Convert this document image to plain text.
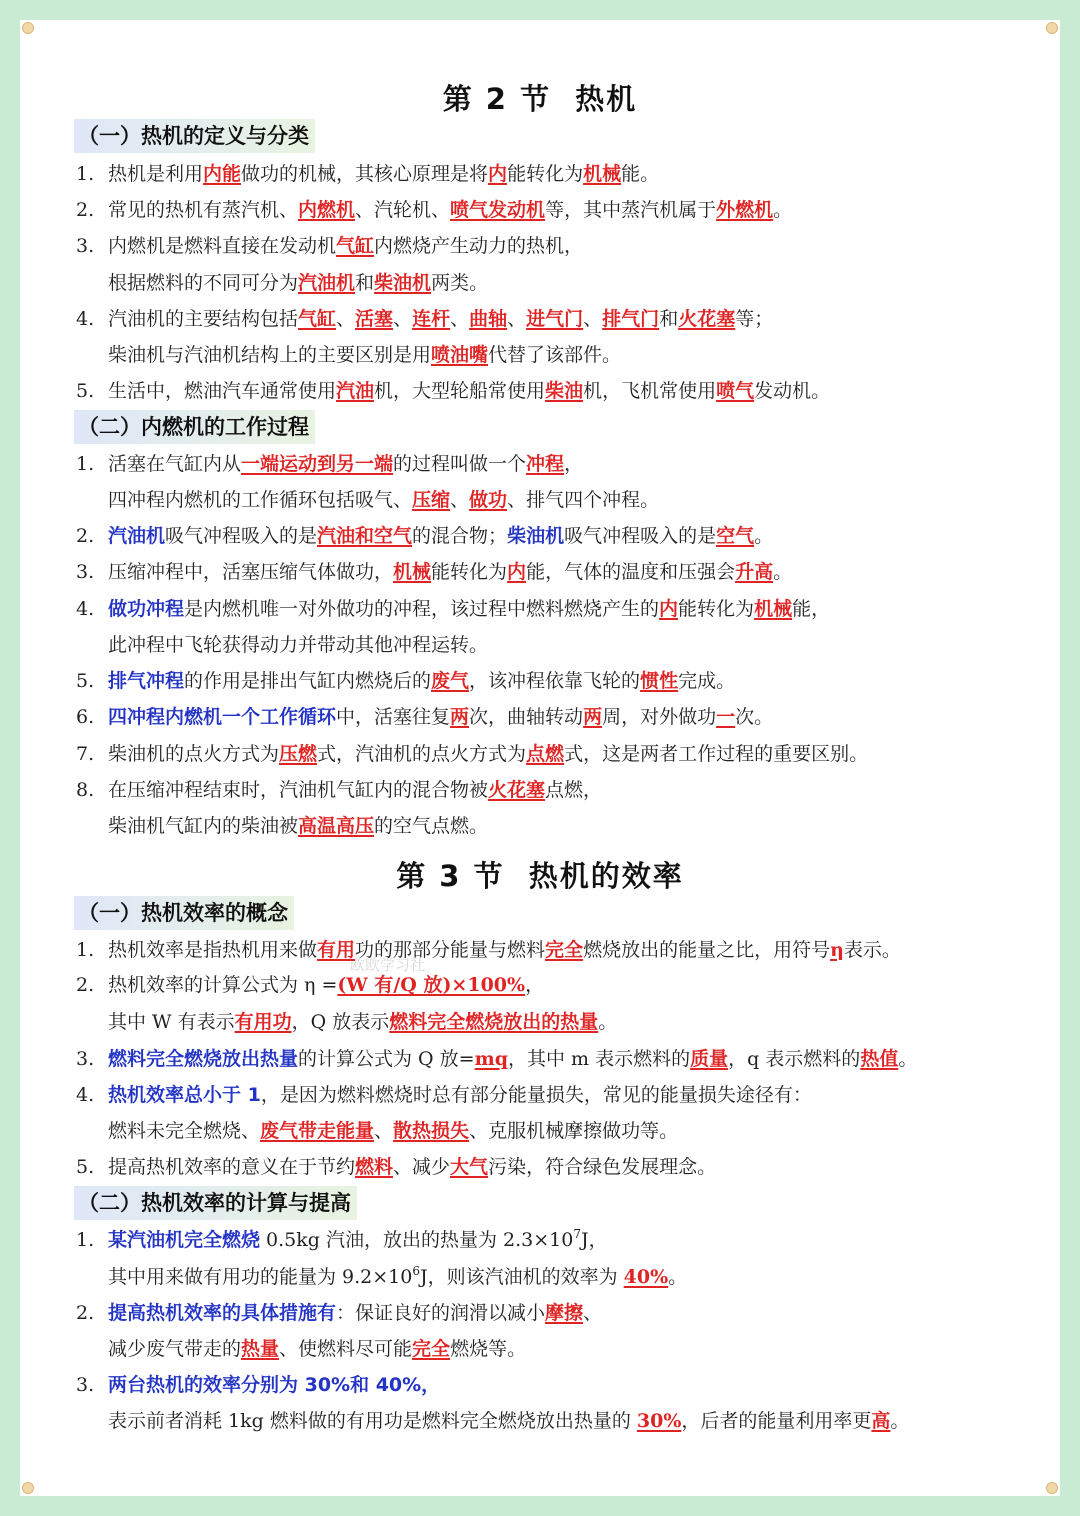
第 2 节  热机
（一）热机的定义与分类
1. 热机是利用内能做功的机械，其核心原理是将内能转化为机械能。
2. 常见的热机有蒸汽机、内燃机、汽轮机、喷气发动机等，其中蒸汽机属于外燃机。
3. 内燃机是燃料直接在发动机气缸内燃烧产生动力的热机，
根据燃料的不同可分为汽油机和柴油机两类。
4. 汽油机的主要结构包括气缸、活塞、连杆、曲轴、进气门、排气门和火花塞等；
柴油机与汽油机结构上的主要区别是用喷油嘴代替了该部件。
5. 生活中，燃油汽车通常使用汽油机，大型轮船常使用柴油机，飞机常使用喷气发动机。
（二）内燃机的工作过程
1. 活塞在气缸内从一端运动到另一端的过程叫做一个冲程，
四冲程内燃机的工作循环包括吸气、压缩、做功、排气四个冲程。
2. 汽油机吸气冲程吸入的是汽油和空气的混合物；柴油机吸气冲程吸入的是空气。
3. 压缩冲程中，活塞压缩气体做功，机械能转化为内能，气体的温度和压强会升高。
4. 做功冲程是内燃机唯一对外做功的冲程，该过程中燃料燃烧产生的内能转化为机械能，
此冲程中飞轮获得动力并带动其他冲程运转。
5. 排气冲程的作用是排出气缸内燃烧后的废气，该冲程依靠飞轮的惯性完成。
6. 四冲程内燃机一个工作循环中，活塞往复两次，曲轴转动两周，对外做功一次。
7. 柴油机的点火方式为压燃式，汽油机的点火方式为点燃式，这是两者工作过程的重要区别。
8. 在压缩冲程结束时，汽油机气缸内的混合物被火花塞点燃，
柴油机气缸内的柴油被高温高压的空气点燃。
第 3 节  热机的效率
（一）热机效率的概念
欧欧学习社
1. 热机效率是指热机用来做有用功的那部分能量与燃料完全燃烧放出的能量之比，用符号η表示。
2. 热机效率的计算公式为 η =(W 有/Q 放)×100%，
其中 W 有表示有用功，Q 放表示燃料完全燃烧放出的热量。
3. 燃料完全燃烧放出热量的计算公式为 Q 放=mq，其中 m 表示燃料的质量，q 表示燃料的热值。
4. 热机效率总小于 1，是因为燃料燃烧时总有部分能量损失，常见的能量损失途径有：
燃料未完全燃烧、废气带走能量、散热损失、克服机械摩擦做功等。
5. 提高热机效率的意义在于节约燃料、减少大气污染，符合绿色发展理念。
（二）热机效率的计算与提高
1. 某汽油机完全燃烧 0.5kg 汽油，放出的热量为 $2.3\times 10^7J$，
其中用来做有用功的能量为 $9.2\times 10^6J$，则该汽油机的效率为 40%。
2. 提高热机效率的具体措施有：保证良好的润滑以减小摩擦、
减少废气带走的热量、使燃料尽可能完全燃烧等。
3. 两台热机的效率分别为 30%和 40%，
表示前者消耗 1kg 燃料做的有用功是燃料完全燃烧放出热量的 30%，后者的能量利用率更高。
